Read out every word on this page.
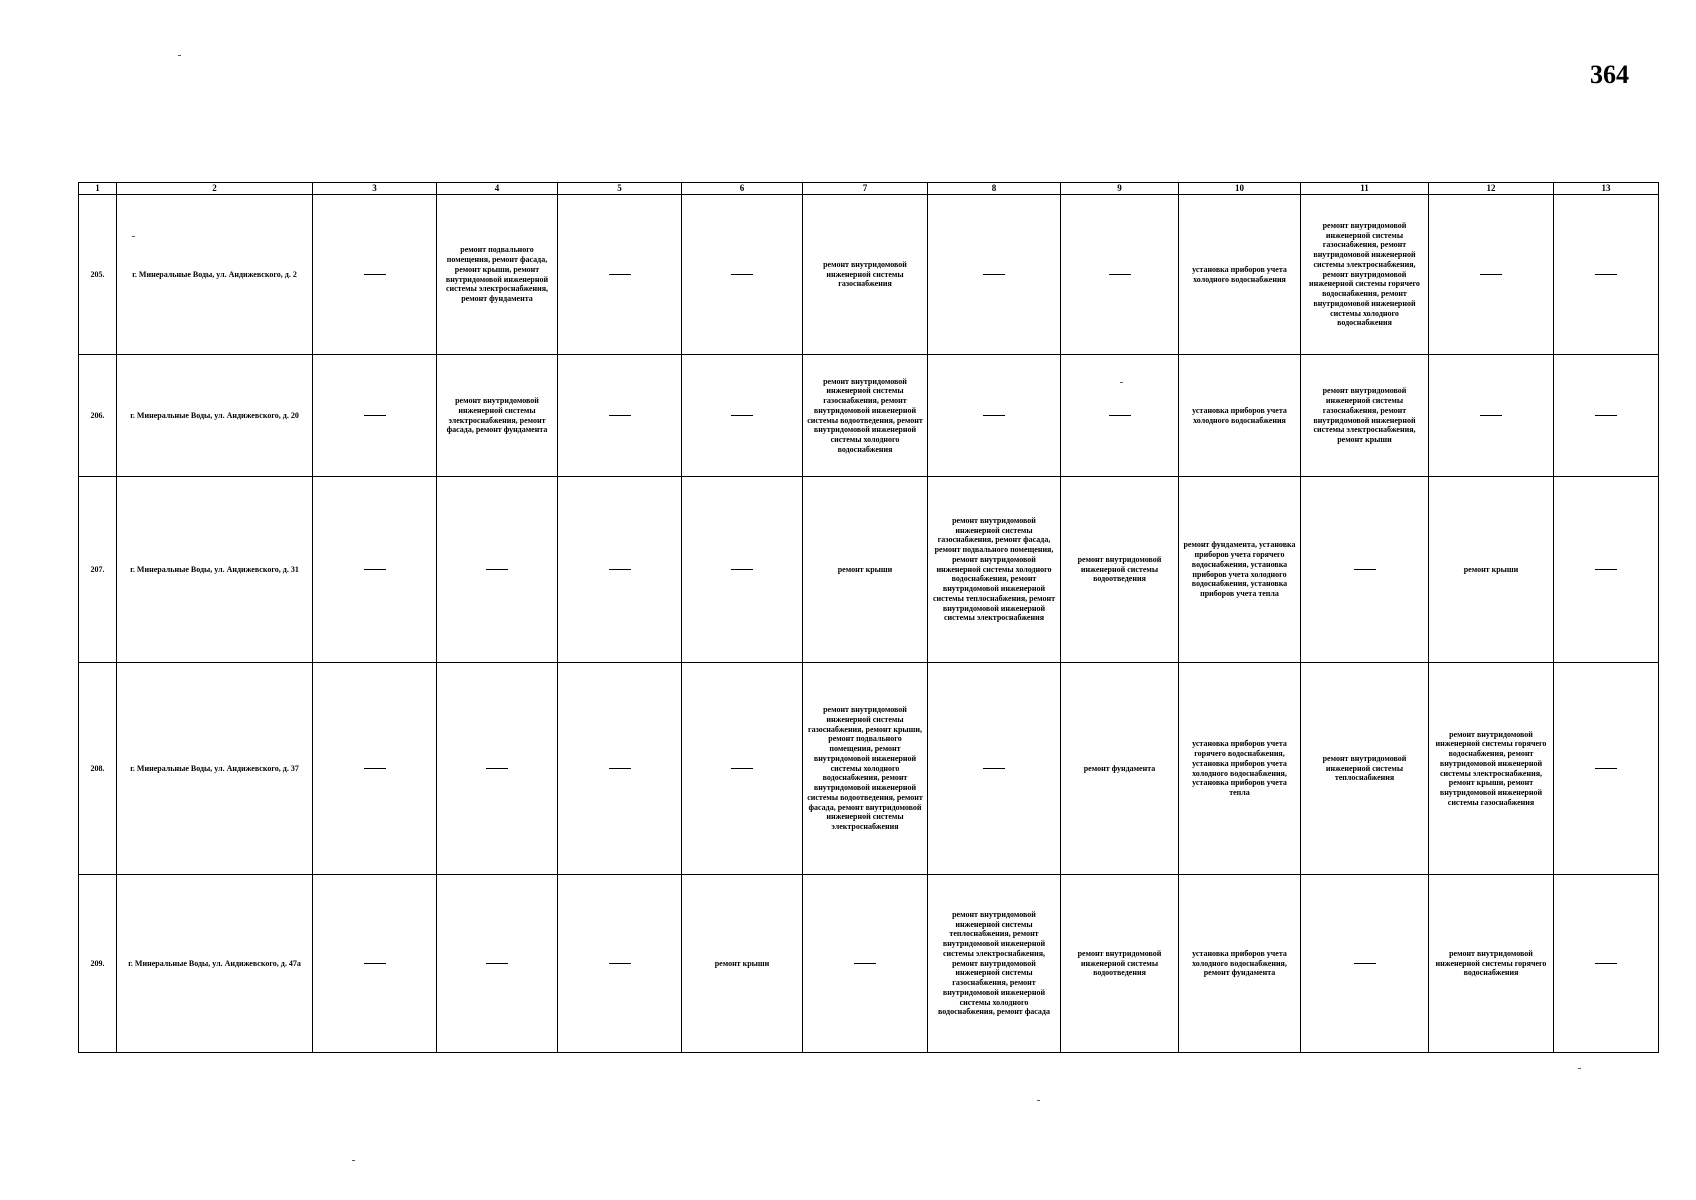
364
1	2	3	4	5	6	7	8	9	10	11	12	13
205.	г. Минеральные Воды, ул. Андижевского, д. 2		ремонт подвального помещения, ремонт фасада, ремонт крыши, ремонт внутридомовой инженерной системы электроснабжения, ремонт фундамента			ремонт внутридомовой инженерной системы газоснабжения			установка приборов учета холодного водоснабжения	ремонт внутридомовой инженерной системы газоснабжения, ремонт внутридомовой инженерной системы электроснабжения, ремонт внутридомовой инженерной системы горячего водоснабжения, ремонт внутридомовой инженерной системы холодного водоснабжения		
206.	г. Минеральные Воды, ул. Андижевского, д. 20		ремонт внутридомовой инженерной системы электроснабжения, ремонт фасада, ремонт фундамента			ремонт внутридомовой инженерной системы газоснабжения, ремонт внутридомовой инженерной системы водоотведения, ремонт внутридомовой инженерной системы холодного водоснабжения			установка приборов учета холодного водоснабжения	ремонт внутридомовой инженерной системы газоснабжения, ремонт внутридомовой инженерной системы электроснабжения, ремонт крыши		
207.	г. Минеральные Воды, ул. Андижевского, д. 31					ремонт крыши	ремонт внутридомовой инженерной системы газоснабжения, ремонт фасада, ремонт подвального помещения, ремонт внутридомовой инженерной системы холодного водоснабжения, ремонт внутридомовой инженерной системы теплоснабжения, ремонт внутридомовой инженерной системы электроснабжения	ремонт внутридомовой инженерной системы водоотведения	ремонт фундамента, установка приборов учета горячего водоснабжения, установка приборов учета холодного водоснабжения, установка приборов учета тепла		ремонт крыши	
208.	г. Минеральные Воды, ул. Андижевского, д. 37					ремонт внутридомовой инженерной системы газоснабжения, ремонт крыши, ремонт подвального помещения, ремонт внутридомовой инженерной системы холодного водоснабжения, ремонт внутридомовой инженерной системы водоотведения, ремонт фасада, ремонт внутридомовой инженерной системы электроснабжения		ремонт фундамента	установка приборов учета горячего водоснабжения, установка приборов учета холодного водоснабжения, установка приборов учета тепла	ремонт внутридомовой инженерной системы теплоснабжения	ремонт внутридомовой инженерной системы горячего водоснабжения, ремонт внутридомовой инженерной системы электроснабжения, ремонт крыши, ремонт внутридомовой инженерной системы газоснабжения	
209.	г. Минеральные Воды, ул. Андижевского, д. 47а				ремонт крыши		ремонт внутридомовой инженерной системы теплоснабжения, ремонт внутридомовой инженерной системы электроснабжения, ремонт внутридомовой инженерной системы газоснабжения, ремонт внутридомовой инженерной системы холодного водоснабжения, ремонт фасада	ремонт внутридомовой инженерной системы водоотведения	установка приборов учета холодного водоснабжения, ремонт фундамента		ремонт внутридомовой инженерной системы горячего водоснабжения	
